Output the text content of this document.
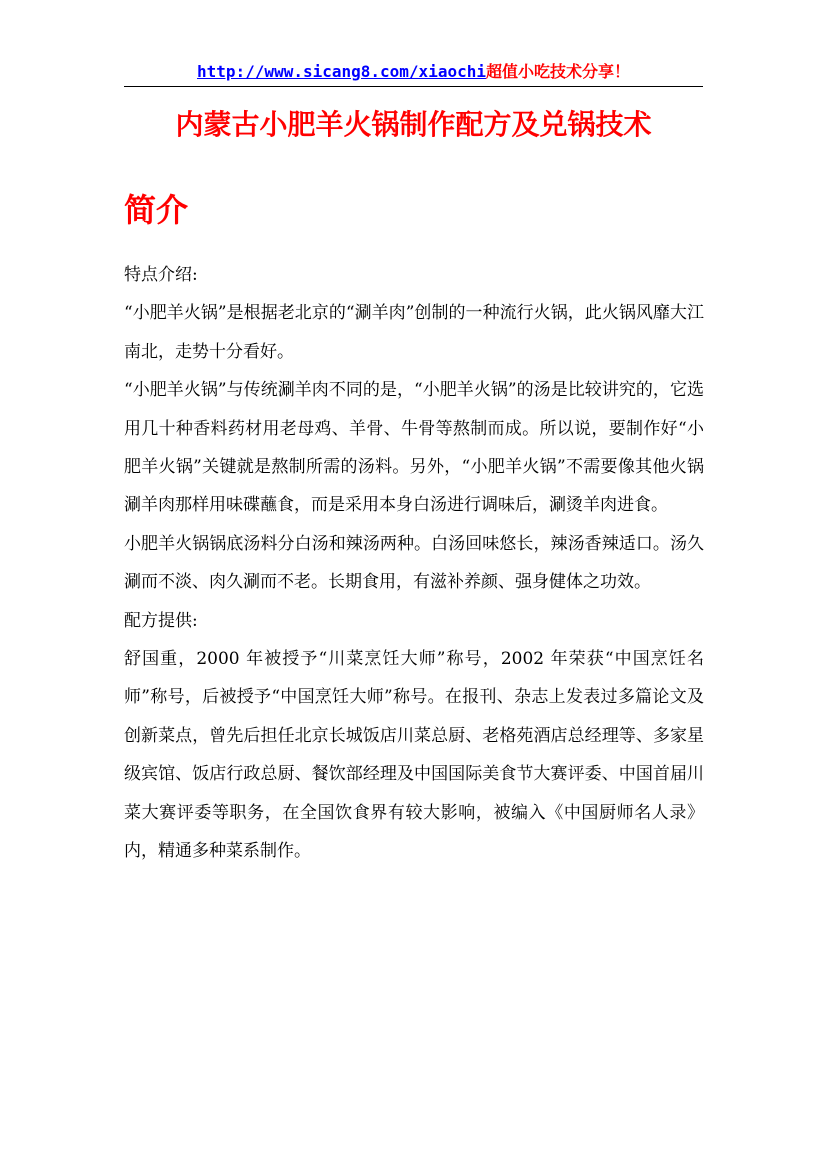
http://www.sicang8.com/xiaochi超值小吃技术分享！
内蒙古小肥羊火锅制作配方及兑锅技术
简介

特点介绍:

“小肥羊火锅”是根据老北京的“涮羊肉”创制的一种流行火锅，此火锅风靡大江南北，走势十分看好。

“小肥羊火锅”与传统涮羊肉不同的是，“小肥羊火锅”的汤是比较讲究的，它选用几十种香料药材用老母鸡、羊骨、牛骨等熬制而成。所以说，要制作好“小肥羊火锅”关键就是熬制所需的汤料。另外，“小肥羊火锅”不需要像其他火锅涮羊肉那样用味碟蘸食，而是采用本身白汤进行调味后，涮烫羊肉进食。

小肥羊火锅锅底汤料分白汤和辣汤两种。白汤回味悠长，辣汤香辣适口。汤久涮而不淡、肉久涮而不老。长期食用，有滋补养颜、强身健体之功效。

配方提供:

舒国重，2000 年被授予“川菜烹饪大师”称号，2002 年荣获“中国烹饪名师”称号，后被授予“中国烹饪大师”称号。在报刊、杂志上发表过多篇论文及创新菜点，曾先后担任北京长城饭店川菜总厨、老格苑酒店总经理等、多家星级宾馆、饭店行政总厨、餐饮部经理及中国国际美食节大赛评委、中国首届川菜大赛评委等职务，在全国饮食界有较大影响，被编入《中国厨师名人录》内，精通多种菜系制作。
